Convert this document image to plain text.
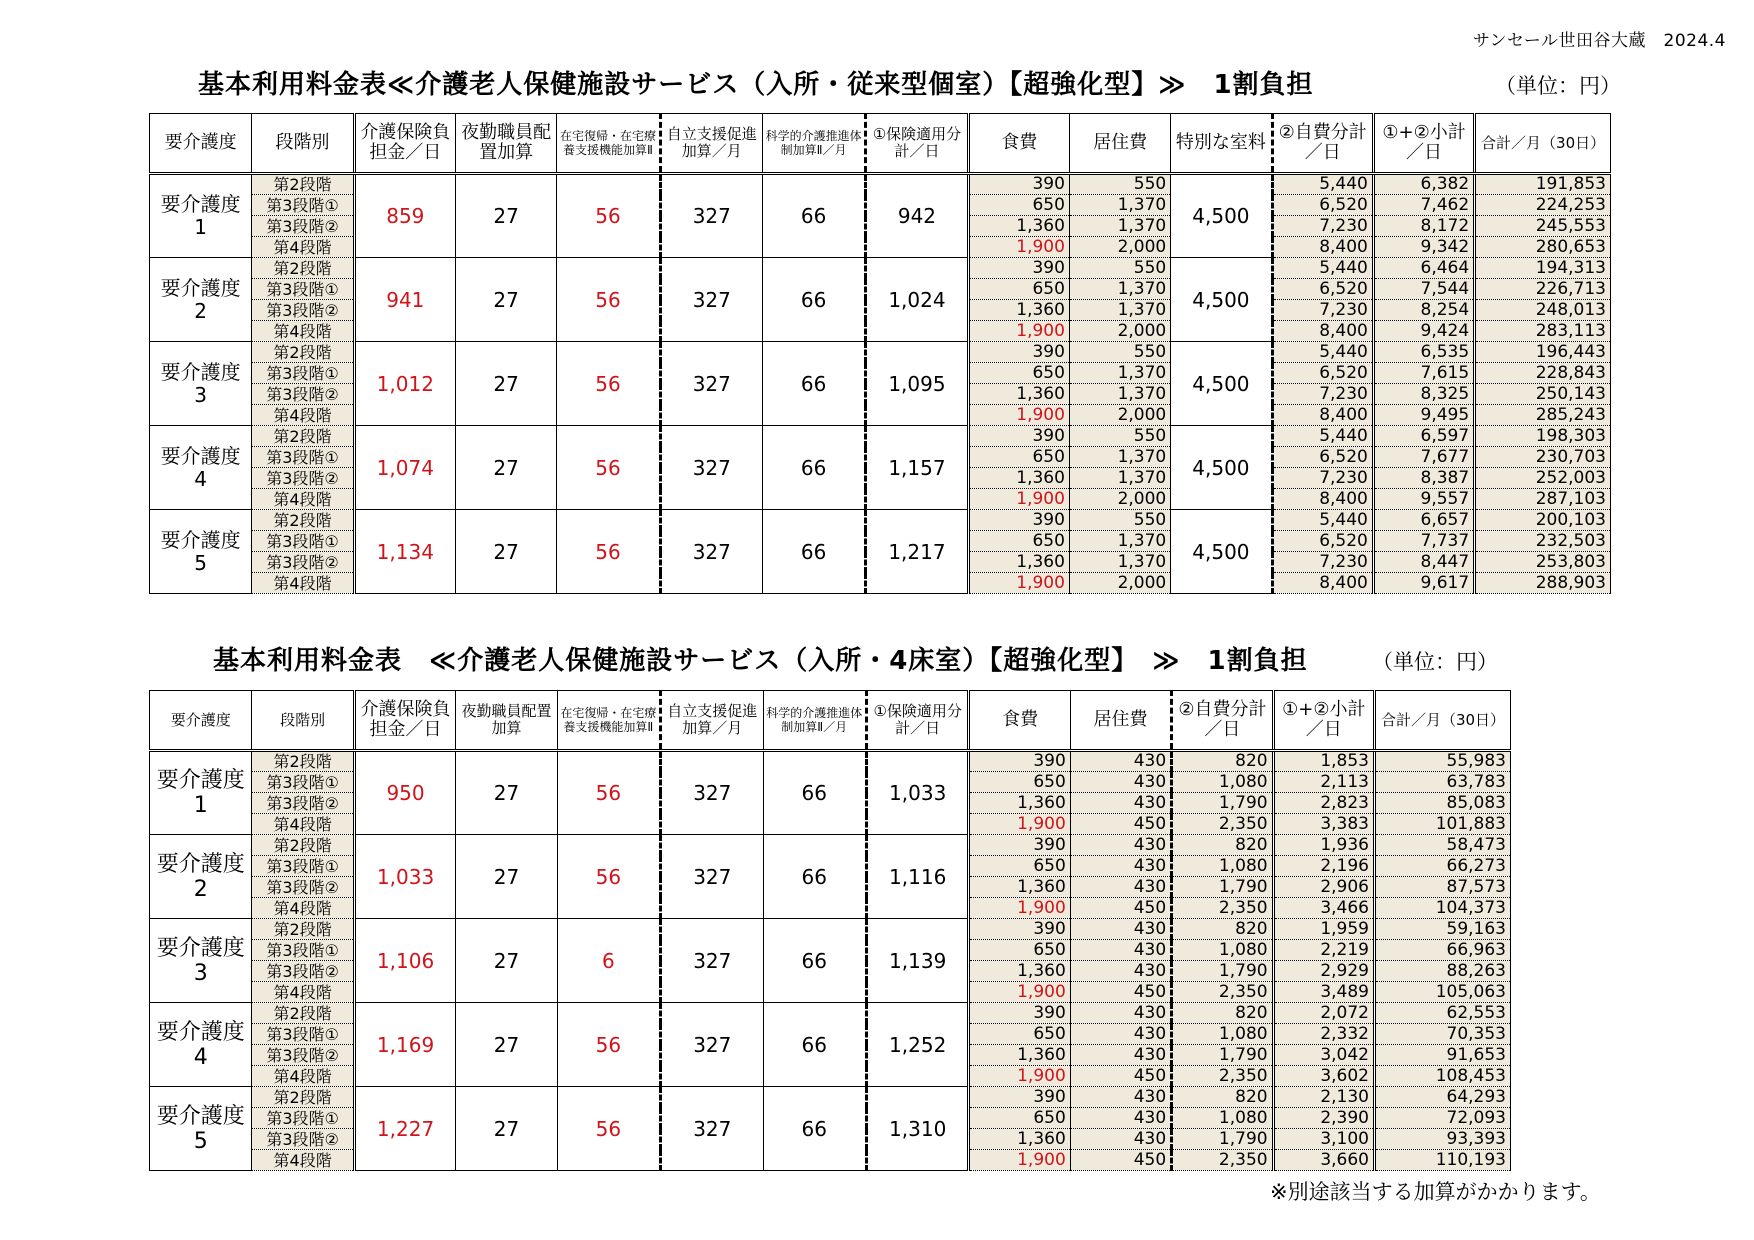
サンセール世田谷大蔵　2024.4
基本利用料金表≪介護老人保健施設サービス（入所・従来型個室）【超強化型】≫　1割負担	（単位：円）
要介護度	段階別	介護保険負担金／日	夜勤職員配置加算	在宅復帰・在宅療養支援機能加算Ⅱ	自立支援促進加算／月	科学的介護推進体制加算Ⅱ／月	①保険適用分計／日	食費	居住費	特別な室料	②自費分計／日	①+②小計／日	合計／月（30日）
要介護度
1	第2段階	859	27	56	327	66	942	390	550	4,500	5,440	6,382	191,853
	第3段階①							650	1,370		6,520	7,462	224,253
	第3段階②							1,360	1,370		7,230	8,172	245,553
	第4段階							1,900	2,000		8,400	9,342	280,653
要介護度
2	第2段階	941	27	56	327	66	1,024	390	550	4,500	5,440	6,464	194,313
	第3段階①							650	1,370		6,520	7,544	226,713
	第3段階②							1,360	1,370		7,230	8,254	248,013
	第4段階							1,900	2,000		8,400	9,424	283,113
要介護度
3	第2段階	1,012	27	56	327	66	1,095	390	550	4,500	5,440	6,535	196,443
	第3段階①							650	1,370		6,520	7,615	228,843
	第3段階②							1,360	1,370		7,230	8,325	250,143
	第4段階							1,900	2,000		8,400	9,495	285,243
要介護度
4	第2段階	1,074	27	56	327	66	1,157	390	550	4,500	5,440	6,597	198,303
	第3段階①							650	1,370		6,520	7,677	230,703
	第3段階②							1,360	1,370		7,230	8,387	252,003
	第4段階							1,900	2,000		8,400	9,557	287,103
要介護度
5	第2段階	1,134	27	56	327	66	1,217	390	550	4,500	5,440	6,657	200,103
	第3段階①							650	1,370		6,520	7,737	232,503
	第3段階②							1,360	1,370		7,230	8,447	253,803
	第4段階							1,900	2,000		8,400	9,617	288,903
基本利用料金表　≪介護老人保健施設サービス（入所・4床室）【超強化型】　≫　1割負担	（単位：円）
要介護度	段階別	介護保険負担金／日	夜勤職員配置加算	在宅復帰・在宅療養支援機能加算Ⅱ	自立支援促進加算／月	科学的介護推進体制加算Ⅱ／月	①保険適用分計／日	食費	居住費	②自費分計／日	①+②小計／日	合計／月（30日）
要介護度
1	第2段階	950	27	56	327	66	1,033	390	430	820	1,853	55,983
	第3段階①							650	430	1,080	2,113	63,783
	第3段階②							1,360	430	1,790	2,823	85,083
	第4段階							1,900	450	2,350	3,383	101,883
要介護度
2	第2段階	1,033	27	56	327	66	1,116	390	430	820	1,936	58,473
	第3段階①							650	430	1,080	2,196	66,273
	第3段階②							1,360	430	1,790	2,906	87,573
	第4段階							1,900	450	2,350	3,466	104,373
要介護度
3	第2段階	1,106	27	6	327	66	1,139	390	430	820	1,959	59,163
	第3段階①							650	430	1,080	2,219	66,963
	第3段階②							1,360	430	1,790	2,929	88,263
	第4段階							1,900	450	2,350	3,489	105,063
要介護度
4	第2段階	1,169	27	56	327	66	1,252	390	430	820	2,072	62,553
	第3段階①							650	430	1,080	2,332	70,353
	第3段階②							1,360	430	1,790	3,042	91,653
	第4段階							1,900	450	2,350	3,602	108,453
要介護度
5	第2段階	1,227	27	56	327	66	1,310	390	430	820	2,130	64,293
	第3段階①							650	430	1,080	2,390	72,093
	第3段階②							1,360	430	1,790	3,100	93,393
	第4段階							1,900	450	2,350	3,660	110,193
※別途該当する加算がかかります。
